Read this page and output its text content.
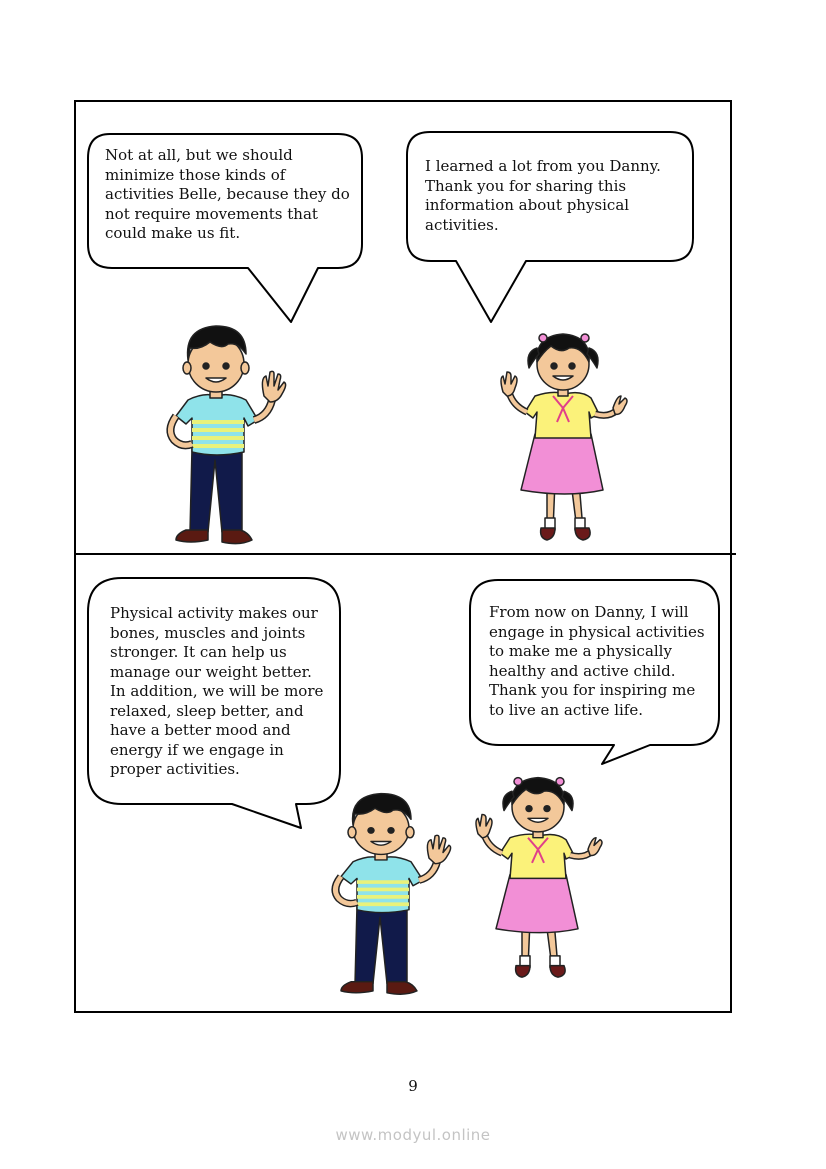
Not at all, but we should
minimize those kinds of
activities Belle, because they do
not require movements that
could make us fit.

I learned a lot from you Danny.
Thank you for sharing this
information about physical
activities.

Physical activity makes our
bones, muscles and joints
stronger. It can help us
manage our weight better.
In addition, we will be more
relaxed, sleep better, and
have a better mood and
energy if we engage in
proper activities.

From now on Danny, I will
engage in physical activities
to make me a physically
healthy and active child.
Thank you for inspiring me
to live an active life.

9
www.modyul.online
